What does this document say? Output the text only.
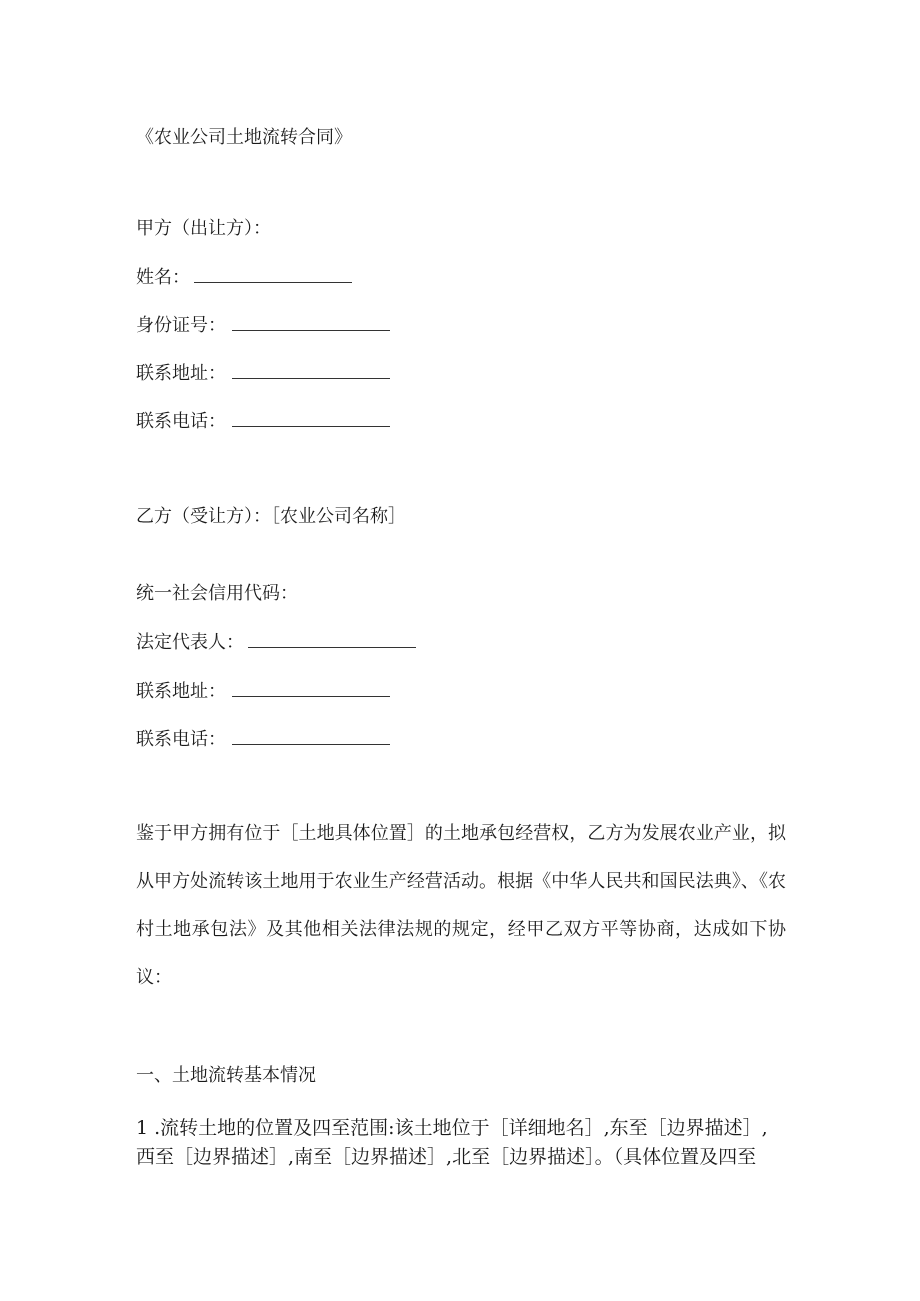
《农业公司土地流转合同》
甲方（出让方）：
姓名：
身份证号：
联系地址：
联系电话：
乙方（受让方）：［农业公司名称］
统一社会信用代码：
法定代表人：
联系地址：
联系电话：
鉴于甲方拥有位于［土地具体位置］的土地承包经营权，乙方为发展农业产业，拟从甲方处流转该土地用于农业生产经营活动。根据《中华人民共和国民法典》、《农村土地承包法》及其他相关法律法规的规定，经甲乙双方平等协商，达成如下协议：
一、土地流转基本情况
1 .流转土地的位置及四至范围:该土地位于［详细地名］,东至［边界描述］,西至［边界描述］,南至［边界描述］,北至［边界描述］。（具体位置及四至
